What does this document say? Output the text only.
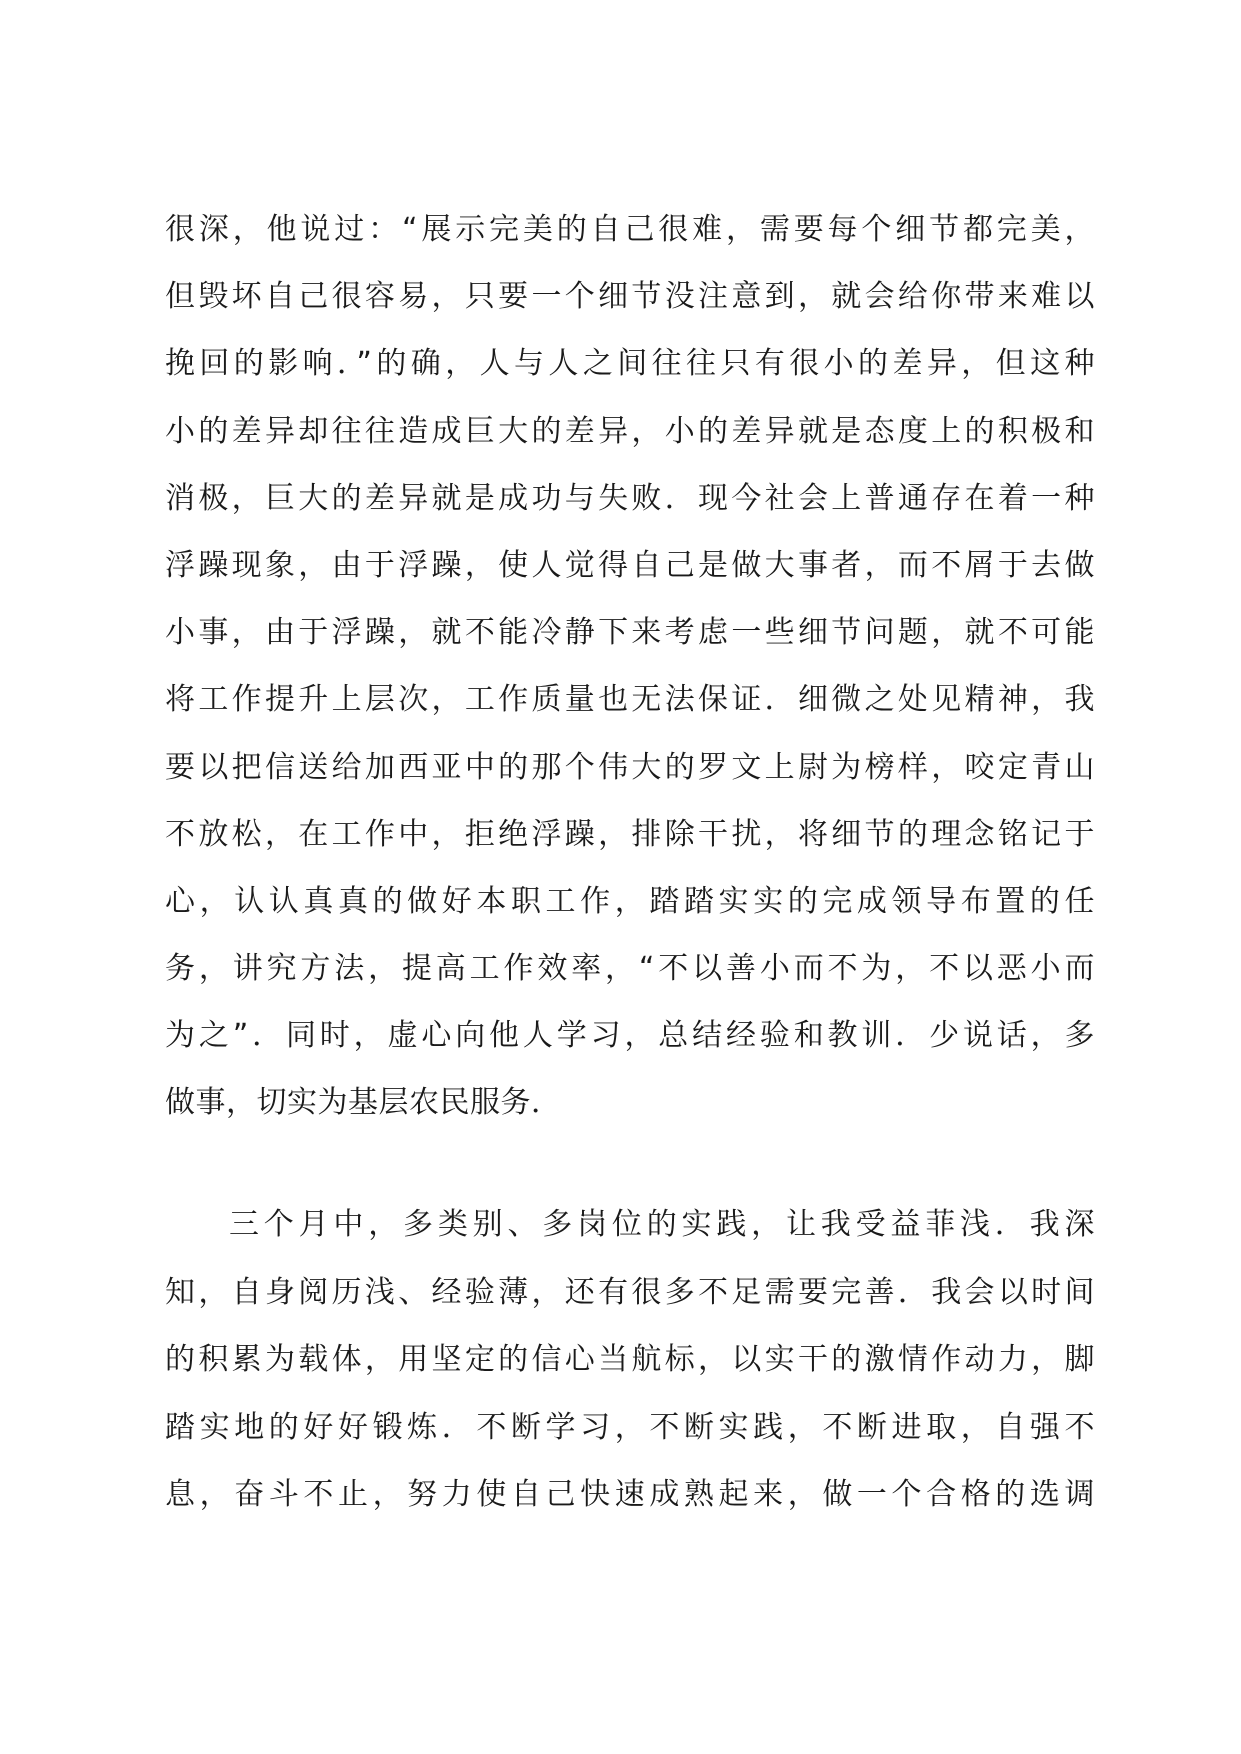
很深，他说过：“展示完美的自己很难，需要每个细节都完美，
但毁坏自己很容易，只要一个细节没注意到，就会给你带来难以
挽回的影响．”的确，人与人之间往往只有很小的差异，但这种
小的差异却往往造成巨大的差异，小的差异就是态度上的积极和
消极，巨大的差异就是成功与失败．现今社会上普通存在着一种
浮躁现象，由于浮躁，使人觉得自己是做大事者，而不屑于去做
小事，由于浮躁，就不能冷静下来考虑一些细节问题，就不可能
将工作提升上层次，工作质量也无法保证．细微之处见精神，我
要以把信送给加西亚中的那个伟大的罗文上尉为榜样，咬定青山
不放松，在工作中，拒绝浮躁，排除干扰，将细节的理念铭记于
心，认认真真的做好本职工作，踏踏实实的完成领导布置的任
务，讲究方法，提高工作效率，“不以善小而不为，不以恶小而
为之”．同时，虚心向他人学习，总结经验和教训．少说话，多
做事，切实为基层农民服务．
三个月中，多类别、多岗位的实践，让我受益菲浅．我深
知，自身阅历浅、经验薄，还有很多不足需要完善．我会以时间
的积累为载体，用坚定的信心当航标，以实干的激情作动力，脚
踏实地的好好锻炼．不断学习，不断实践，不断进取，自强不
息，奋斗不止，努力使自己快速成熟起来，做一个合格的选调
